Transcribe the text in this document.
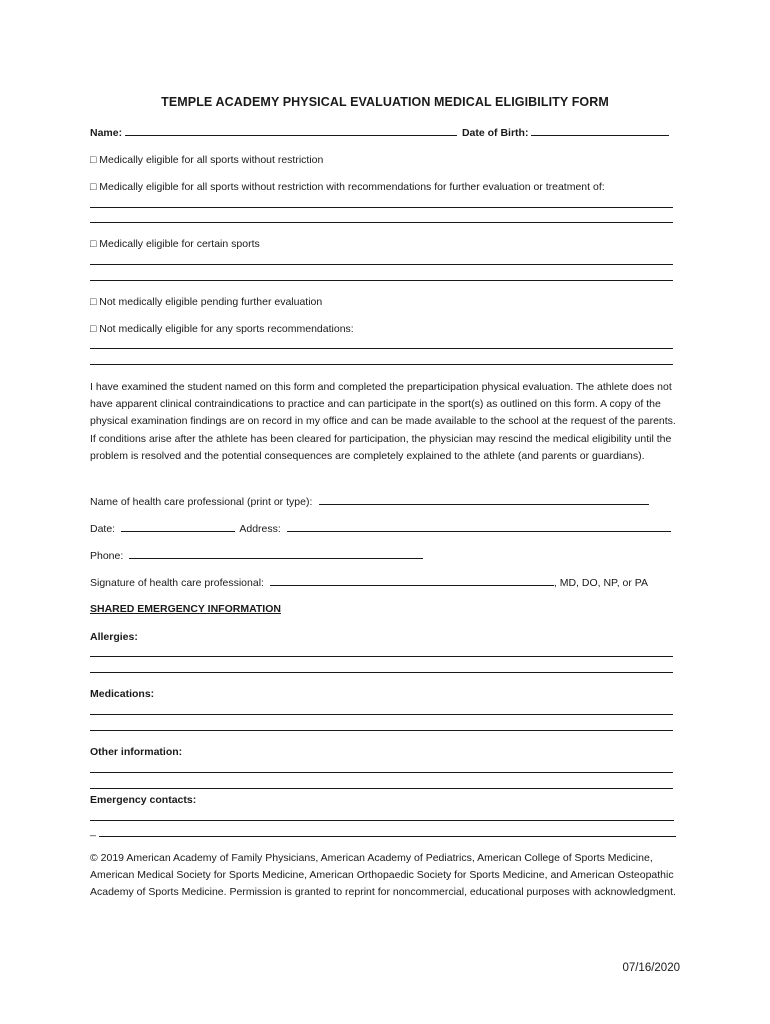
TEMPLE ACADEMY PHYSICAL EVALUATION MEDICAL ELIGIBILITY FORM
Name:	Date of Birth:
□ Medically eligible for all sports without restriction
□ Medically eligible for all sports without restriction with recommendations for further evaluation or treatment of:
□ Medically eligible for certain sports
□ Not medically eligible pending further evaluation
□ Not medically eligible for any sports recommendations:
I have examined the student named on this form and completed the preparticipation physical evaluation. The athlete does not have apparent clinical contraindications to practice and can participate in the sport(s) as outlined on this form. A copy of the physical examination findings are on record in my office and can be made available to the school at the request of the parents. If conditions arise after the athlete has been cleared for participation, the physician may rescind the medical eligibility until the problem is resolved and the potential consequences are completely explained to the athlete (and parents or guardians).
Name of health care professional (print or type):
Date:	Address:
Phone:
Signature of health care professional:	, MD, DO, NP, or PA
SHARED EMERGENCY INFORMATION
Allergies:
Medications:
Other information:
Emergency contacts:
_
© 2019 American Academy of Family Physicians, American Academy of Pediatrics, American College of Sports Medicine, American Medical Society for Sports Medicine, American Orthopaedic Society for Sports Medicine, and American Osteopathic Academy of Sports Medicine. Permission is granted to reprint for noncommercial, educational purposes with acknowledgment.
07/16/2020
